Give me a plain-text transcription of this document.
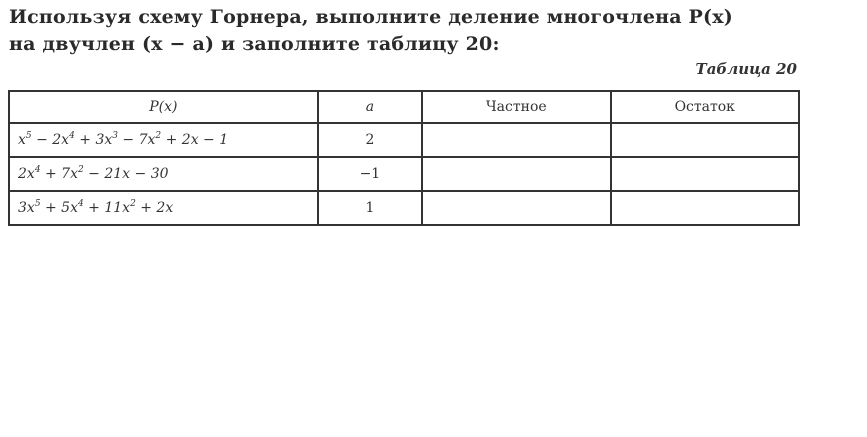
Используя схему Горнера, выполните деление многочлена P(x)
на двучлен (x − a) и заполните таблицу 20:
Таблица 20
P(x)	a	Частное	Остаток
$x^5 - 2x^4 + 3x^3 - 7x^2 + 2x - 1$	2		
$2x^4 + 7x^2 - 21x - 30$	−1		
$3x^5 + 5x^4 + 11x^2 + 2x$	1		
